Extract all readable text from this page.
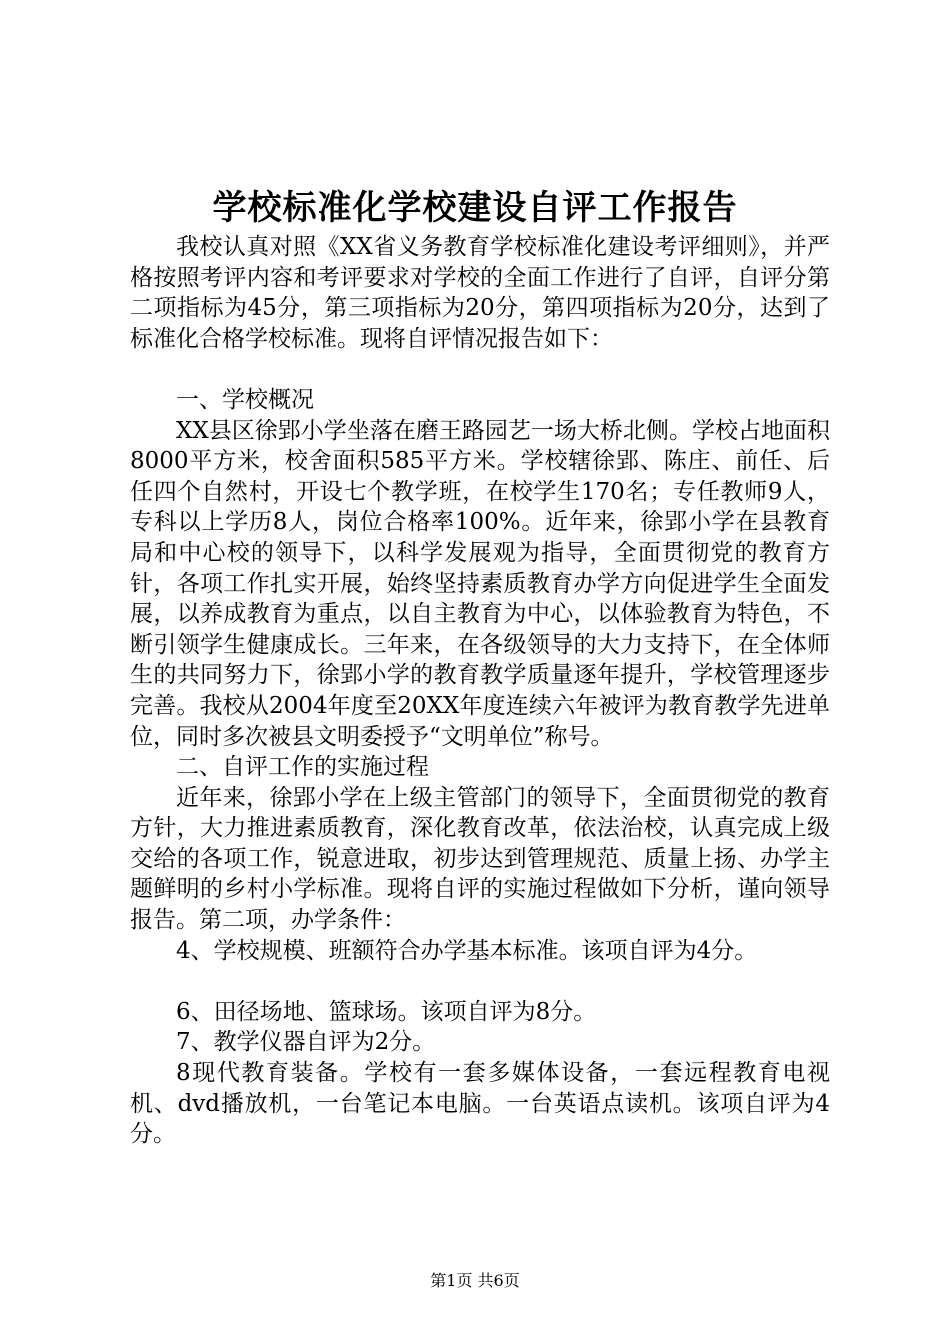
学校标准化学校建设自评工作报告

我校认真对照《XX省义务教育学校标准化建设考评细则》，并严格按照考评内容和考评要求对学校的全面工作进行了自评，自评分第二项指标为45分，第三项指标为20分，第四项指标为20分，达到了标准化合格学校标准。现将自评情况报告如下：

一、学校概况

XX县区徐郢小学坐落在磨王路园艺一场大桥北侧。学校占地面积8000平方米，校舍面积585平方米。学校辖徐郢、陈庄、前任、后任四个自然村，开设七个教学班，在校学生170名；专任教师9人，专科以上学历8人，岗位合格率100%。近年来，徐郢小学在县教育局和中心校的领导下，以科学发展观为指导，全面贯彻党的教育方针，各项工作扎实开展，始终坚持素质教育办学方向促进学生全面发展，以养成教育为重点，以自主教育为中心，以体验教育为特色，不断引领学生健康成长。三年来，在各级领导的大力支持下，在全体师生的共同努力下，徐郢小学的教育教学质量逐年提升，学校管理逐步完善。我校从2004年度至20XX年度连续六年被评为教育教学先进单位，同时多次被县文明委授予“文明单位”称号。

二、自评工作的实施过程

近年来，徐郢小学在上级主管部门的领导下，全面贯彻党的教育方针，大力推进素质教育，深化教育改革，依法治校，认真完成上级交给的各项工作，锐意进取，初步达到管理规范、质量上扬、办学主题鲜明的乡村小学标准。现将自评的实施过程做如下分析，谨向领导报告。第二项，办学条件：

4、学校规模、班额符合办学基本标准。该项自评为4分。

6、田径场地、篮球场。该项自评为8分。

7、教学仪器自评为2分。

8现代教育装备。学校有一套多媒体设备，一套远程教育电视机、dvd播放机，一台笔记本电脑。一台英语点读机。该项自评为4分。

第1页 共6页
